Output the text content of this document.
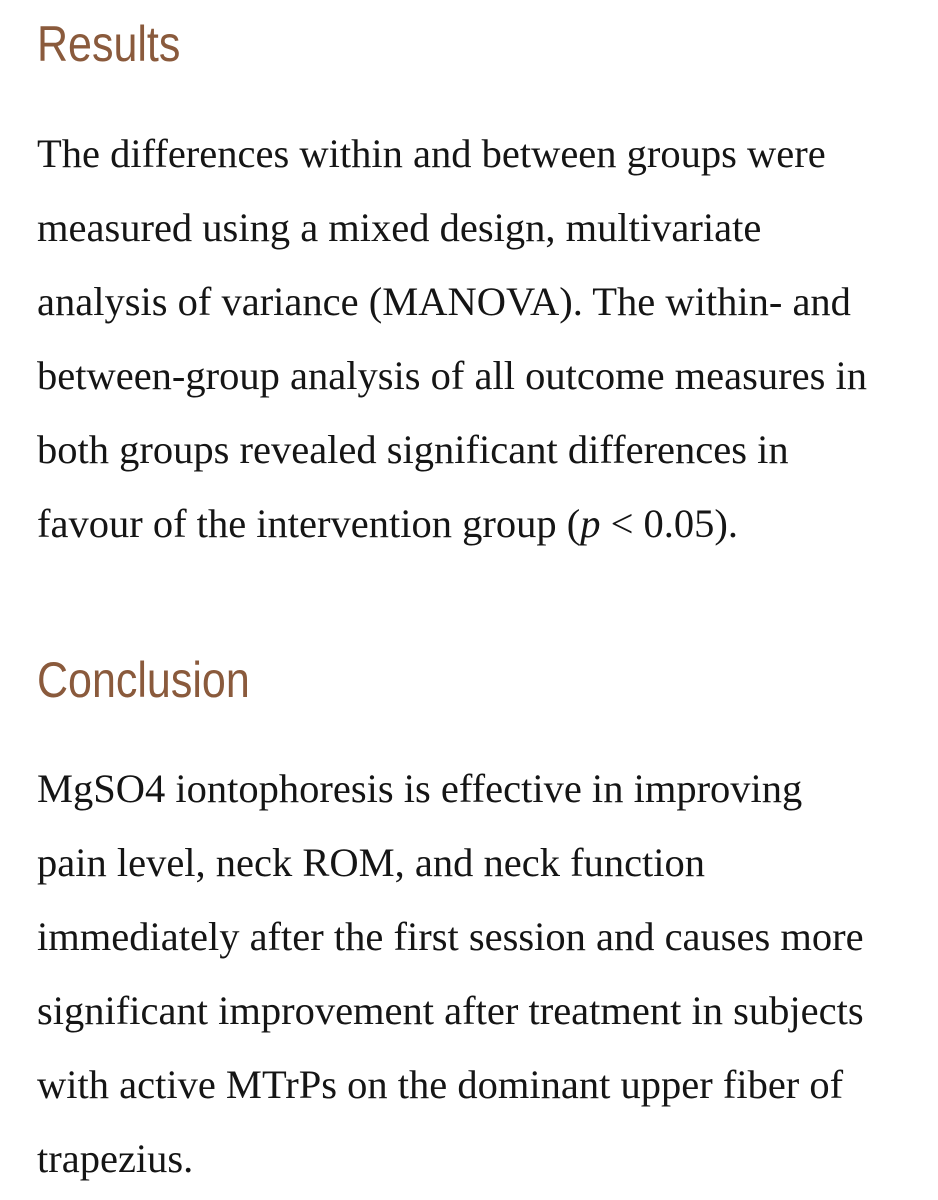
Results

The differences within and between groups were
measured using a mixed design, multivariate
analysis of variance (MANOVA). The within- and
between-group analysis of all outcome measures in
both groups revealed significant differences in
favour of the intervention group (p < 0.05).

Conclusion

MgSO4 iontophoresis is effective in improving
pain level, neck ROM, and neck function
immediately after the first session and causes more
significant improvement after treatment in subjects
with active MTrPs on the dominant upper fiber of
trapezius.
